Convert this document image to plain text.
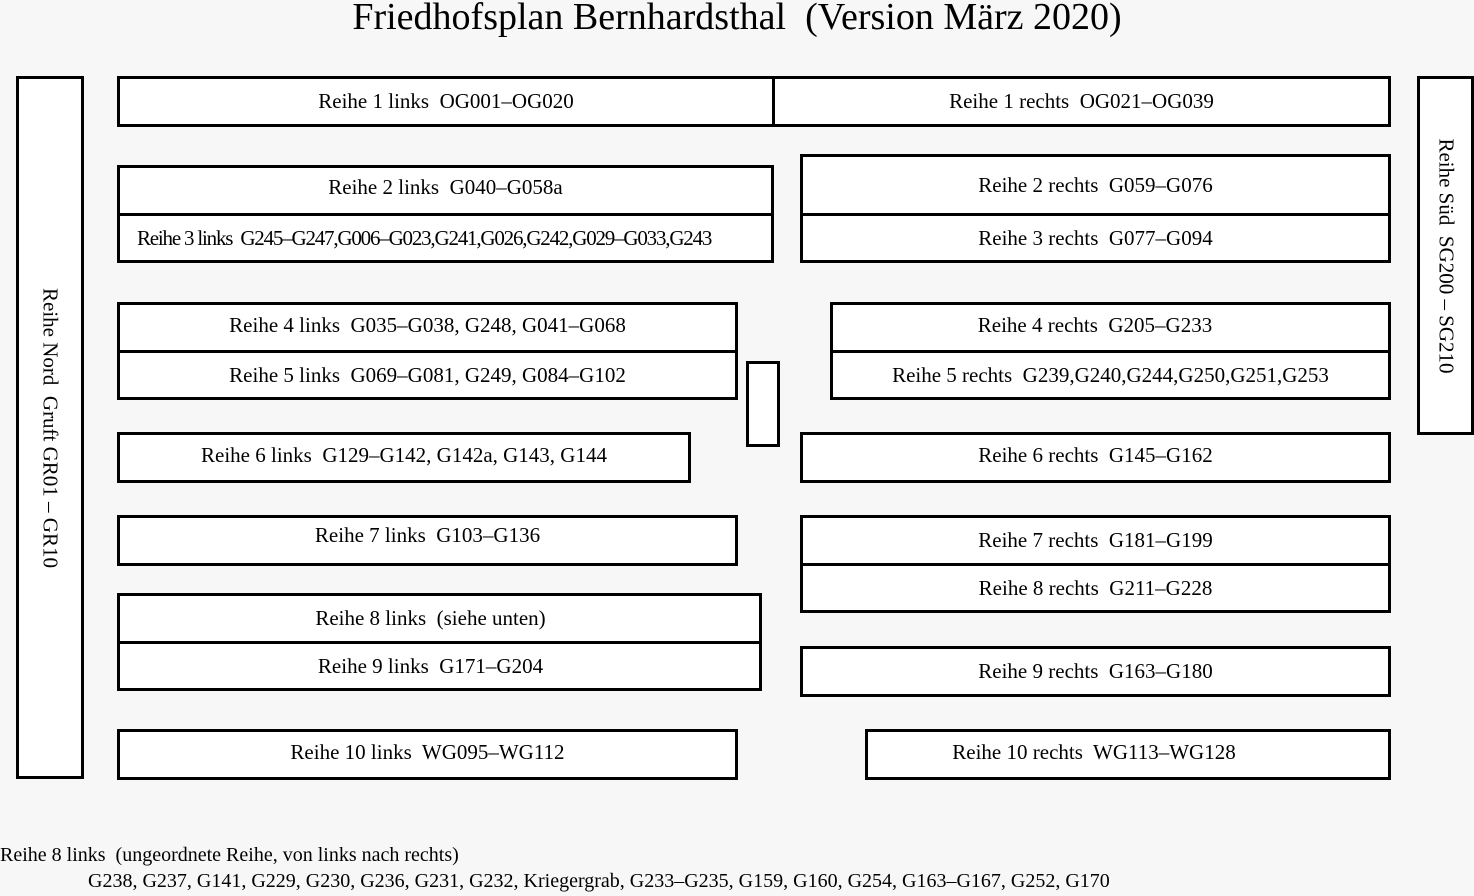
Friedhofsplan Bernhardsthal  (Version März 2020)
Reihe Nord  Gruft GR01 – GR10
Reihe Süd  SG200 – SG210
Reihe 1 links  OG001–OG020	Reihe 1 rechts  OG021–OG039
Reihe 2 links  G040–G058a
Reihe 3 links  G245–G247,G006–G023,G241,G026,G242,G029–G033,G243
Reihe 2 rechts  G059–G076
Reihe 3 rechts  G077–G094
Reihe 4 links  G035–G038, G248, G041–G068
Reihe 5 links  G069–G081, G249, G084–G102
Reihe 4 rechts  G205–G233
Reihe 5 rechts  G239,G240,G244,G250,G251,G253
Reihe 6 links  G129–G142, G142a, G143, G144	Reihe 6 rechts  G145–G162
Reihe 7 links  G103–G136	Reihe 7 rechts  G181–G199
Reihe 8 rechts  G211–G228
Reihe 8 links  (siehe unten)
Reihe 9 links  G171–G204	Reihe 9 rechts  G163–G180
Reihe 10 links  WG095–WG112	Reihe 10 rechts  WG113–WG128
Reihe 8 links  (ungeordnete Reihe, von links nach rechts)
G238, G237, G141, G229, G230, G236, G231, G232, Kriegergrab, G233–G235, G159, G160, G254, G163–G167, G252, G170
